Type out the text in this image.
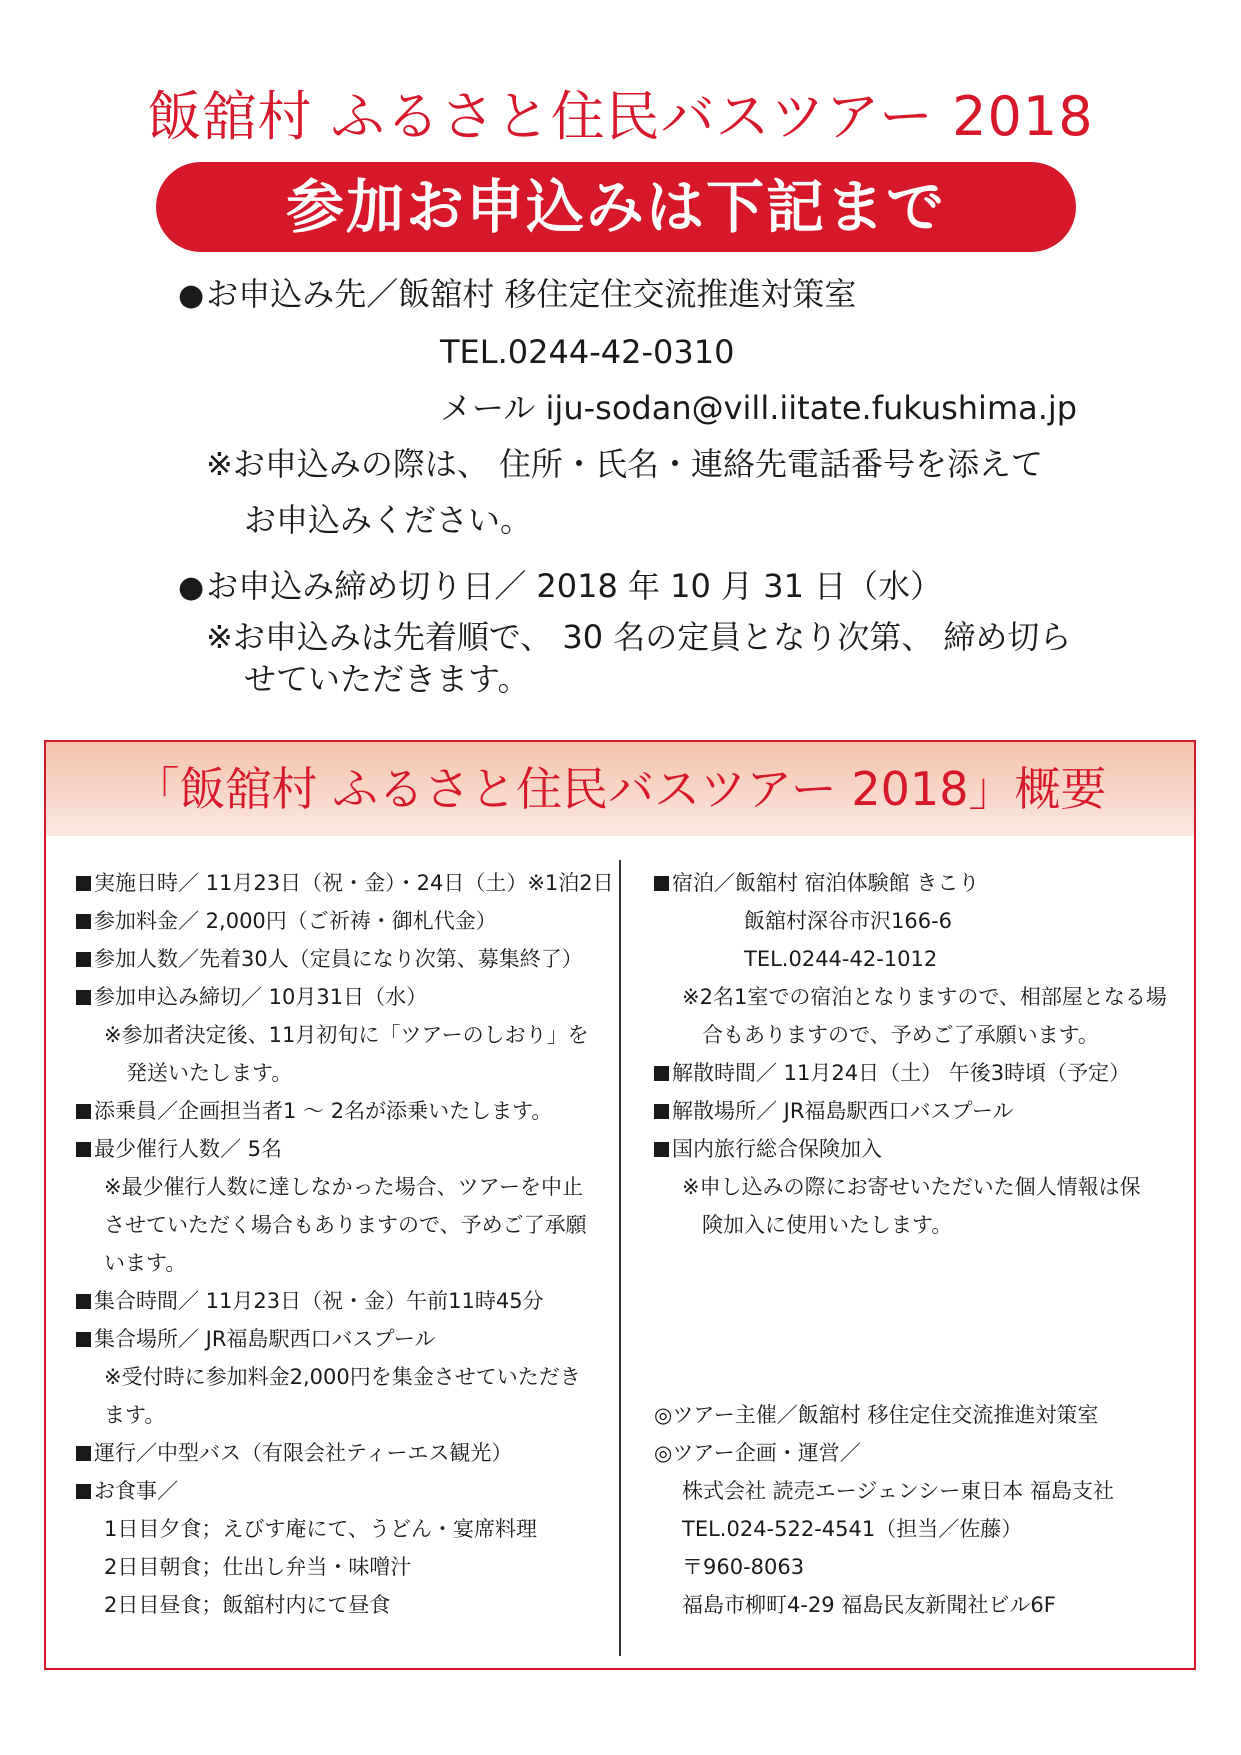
飯舘村 ふるさと住民バスツアー 2018
参加お申込みは下記まで
●お申込み先／飯舘村 移住定住交流推進対策室
TEL.0244-42-0310
メール iju-sodan@vill.iitate.fukushima.jp
※お申込みの際は、 住所・氏名・連絡先電話番号を添えて
お申込みください。
●お申込み締め切り日／ 2018 年 10 月 31 日（水）
※お申込みは先着順で、 30 名の定員となり次第、 締め切ら
せていただきます。
「飯舘村 ふるさと住民バスツアー 2018」概要
実施日時／ 11月23日（祝・金）・24日（土）※1泊2日
参加料金／ 2,000円（ご祈祷・御札代金）
参加人数／先着30人（定員になり次第、募集終了）
参加申込み締切／ 10月31日（水）
※参加者決定後、11月初旬に「ツアーのしおり」を
発送いたします。
添乗員／企画担当者1 ～ 2名が添乗いたします。
最少催行人数／ 5名
※最少催行人数に達しなかった場合、ツアーを中止
させていただく場合もありますので、予めご了承願
います。
集合時間／ 11月23日（祝・金）午前11時45分
集合場所／ JR福島駅西口バスプール
※受付時に参加料金2,000円を集金させていただき
ます。
運行／中型バス（有限会社ティーエス観光）
お食事／
1日目夕食；えびす庵にて、うどん・宴席料理
2日目朝食；仕出し弁当・味噌汁
2日目昼食；飯舘村内にて昼食
宿泊／飯舘村 宿泊体験館 きこり
飯舘村深谷市沢166-6
TEL.0244-42-1012
※2名1室での宿泊となりますので、相部屋となる場
合もありますので、予めご了承願います。
解散時間／ 11月24日（土） 午後3時頃（予定）
解散場所／ JR福島駅西口バスプール
国内旅行総合保険加入
※申し込みの際にお寄せいただいた個人情報は保
険加入に使用いたします。
◎ツアー主催／飯舘村 移住定住交流推進対策室
◎ツアー企画・運営／
株式会社 読売エージェンシー東日本 福島支社
TEL.024-522-4541（担当／佐藤）
〒960-8063
福島市柳町4-29 福島民友新聞社ビル6F
